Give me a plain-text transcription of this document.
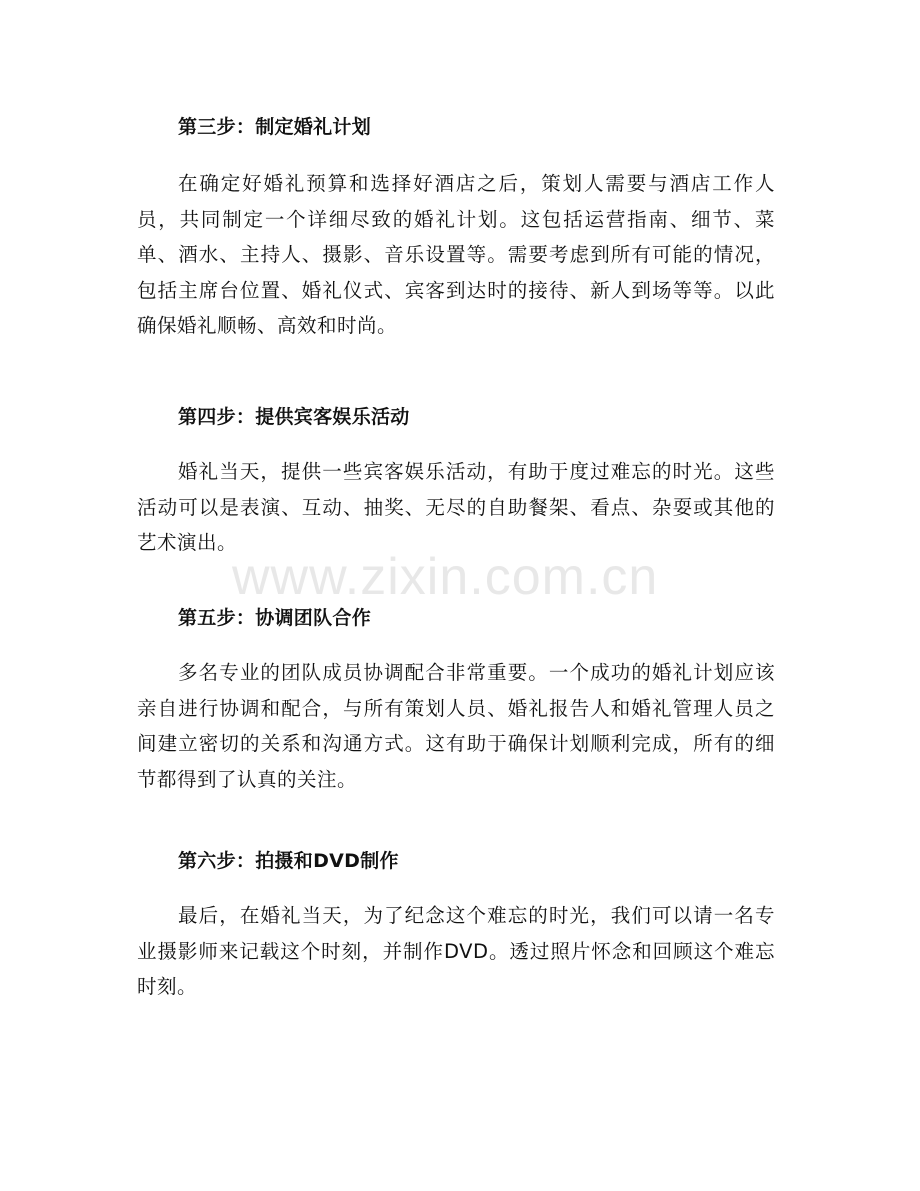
第三步：制定婚礼计划

在确定好婚礼预算和选择好酒店之后，策划人需要与酒店工作人员，共同制定一个详细尽致的婚礼计划。这包括运营指南、细节、菜单、酒水、主持人、摄影、音乐设置等。需要考虑到所有可能的情况，包括主席台位置、婚礼仪式、宾客到达时的接待、新人到场等等。以此确保婚礼顺畅、高效和时尚。

第四步：提供宾客娱乐活动

婚礼当天，提供一些宾客娱乐活动，有助于度过难忘的时光。这些活动可以是表演、互动、抽奖、无尽的自助餐架、看点、杂耍或其他的艺术演出。

第五步：协调团队合作

多名专业的团队成员协调配合非常重要。一个成功的婚礼计划应该亲自进行协调和配合，与所有策划人员、婚礼报告人和婚礼管理人员之间建立密切的关系和沟通方式。这有助于确保计划顺利完成，所有的细节都得到了认真的关注。

第六步：拍摄和DVD制作

最后，在婚礼当天，为了纪念这个难忘的时光，我们可以请一名专业摄影师来记载这个时刻，并制作DVD。透过照片怀念和回顾这个难忘时刻。

www.zixin.com.cn
